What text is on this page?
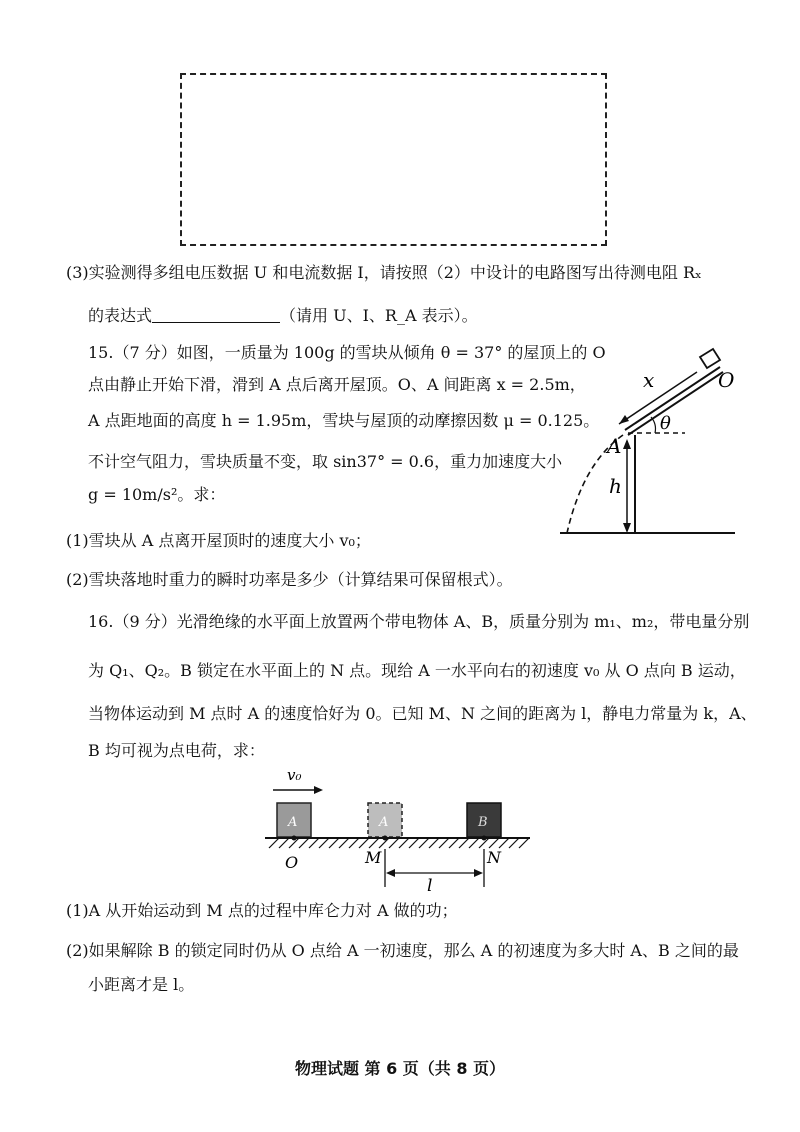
(3)实验测得多组电压数据 U 和电流数据 I，请按照（2）中设计的电路图写出待测电阻 Rₓ
的表达式	（请用 U、I、R_A 表示）。
15.（7 分）如图，一质量为 100g 的雪块从倾角 θ = 37° 的屋顶上的 O
点由静止开始下滑，滑到 A 点后离开屋顶。O、A 间距离 x = 2.5m，
A 点距地面的高度 h = 1.95m，雪块与屋顶的动摩擦因数 μ = 0.125。
不计空气阻力，雪块质量不变，取 sin37° = 0.6，重力加速度大小
g = 10m/s²。求：
(1)雪块从 A 点离开屋顶时的速度大小 v₀；
(2)雪块落地时重力的瞬时功率是多少（计算结果可保留根式）。
x	O
θ
A
h
16.（9 分）光滑绝缘的水平面上放置两个带电物体 A、B，质量分别为 m₁、m₂，带电量分别
为 Q₁、Q₂。B 锁定在水平面上的 N 点。现给 A 一水平向右的初速度 v₀ 从 O 点向 B 运动，
当物体运动到 M 点时 A 的速度恰好为 0。已知 M、N 之间的距离为 l，静电力常量为 k，A、
B 均可视为点电荷，求：
v₀
A	A	B
O	M	N
l
(1)A 从开始运动到 M 点的过程中库仑力对 A 做的功；
(2)如果解除 B 的锁定同时仍从 O 点给 A 一初速度，那么 A 的初速度为多大时 A、B 之间的最
小距离才是 l。
物理试题 第 6 页（共 8 页）
